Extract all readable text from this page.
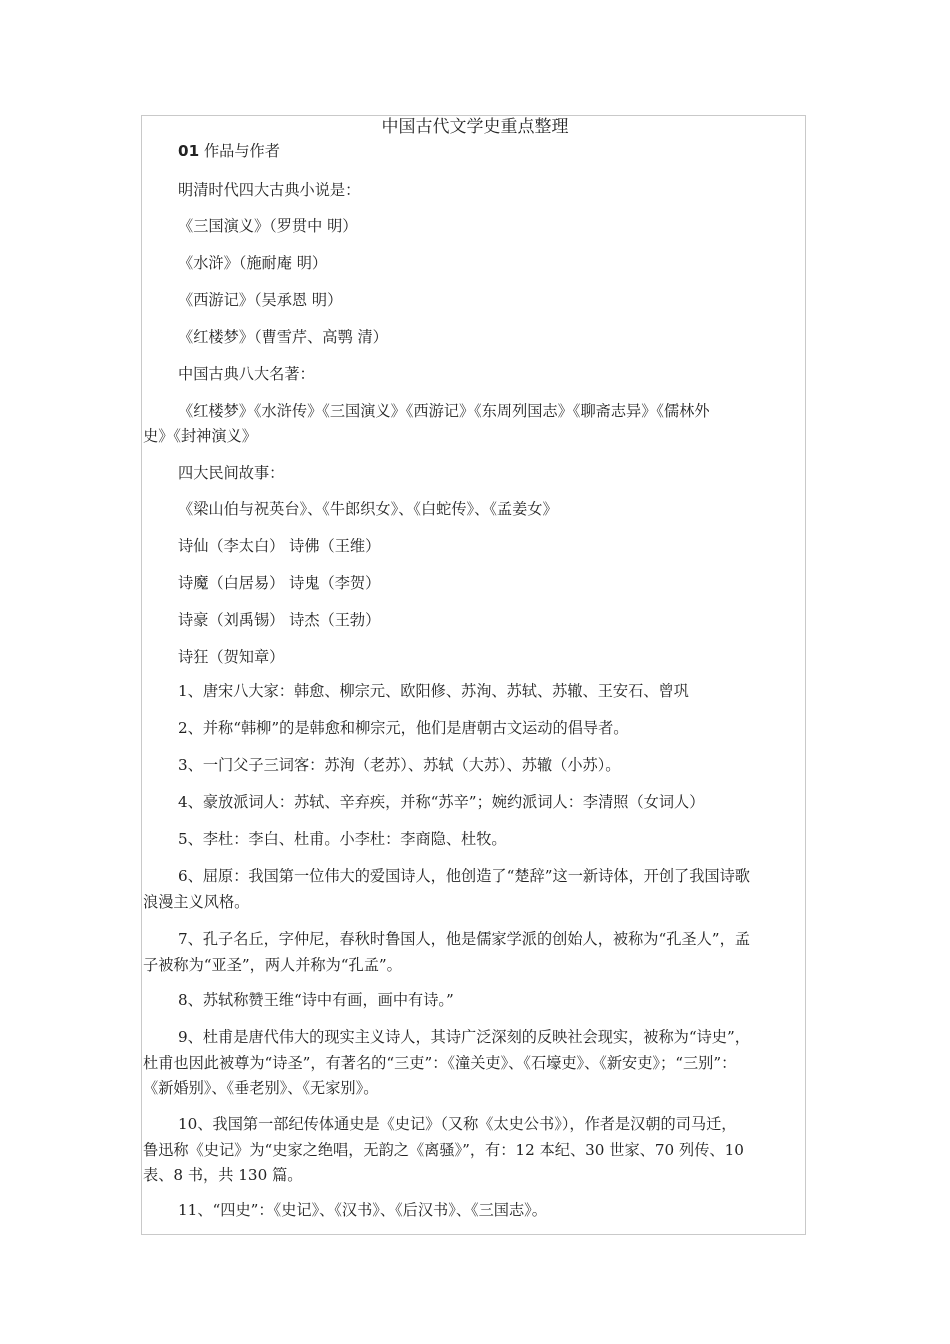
中国古代文学史重点整理
01 作品与作者
明清时代四大古典小说是：
《三国演义》（罗贯中 明）
《水浒》（施耐庵 明）
《西游记》（吴承恩 明）
《红楼梦》（曹雪芹、高鹗 清）
中国古典八大名著：
《红楼梦》《水浒传》《三国演义》《西游记》《东周列国志》《聊斋志异》《儒林外
史》《封神演义》
四大民间故事：
《梁山伯与祝英台》、《牛郎织女》、《白蛇传》、《孟姜女》
诗仙（李太白） 诗佛（王维）
诗魔（白居易） 诗鬼（李贺）
诗豪（刘禹锡） 诗杰（王勃）
诗狂（贺知章）
1、唐宋八大家：韩愈、柳宗元、欧阳修、苏洵、苏轼、苏辙、王安石、曾巩
2、并称“韩柳”的是韩愈和柳宗元，他们是唐朝古文运动的倡导者。
3、一门父子三词客：苏洵（老苏）、苏轼（大苏）、苏辙（小苏）。
4、豪放派词人：苏轼、辛弃疾，并称“苏辛”；婉约派词人：李清照（女词人）
5、李杜：李白、杜甫。小李杜：李商隐、杜牧。
6、屈原：我国第一位伟大的爱国诗人，他创造了“楚辞”这一新诗体，开创了我国诗歌
浪漫主义风格。
7、孔子名丘，字仲尼，春秋时鲁国人，他是儒家学派的创始人，被称为“孔圣人”，孟
子被称为“亚圣”，两人并称为“孔孟”。
8、苏轼称赞王维“诗中有画，画中有诗。”
9、杜甫是唐代伟大的现实主义诗人，其诗广泛深刻的反映社会现实，被称为“诗史”，
杜甫也因此被尊为“诗圣”，有著名的“三吏”：《潼关吏》、《石壕吏》、《新安吏》；“三别”：
《新婚别》、《垂老别》、《无家别》。
10、我国第一部纪传体通史是《史记》（又称《太史公书》），作者是汉朝的司马迁，
鲁迅称《史记》为“史家之绝唱，无韵之《离骚》”，有：12 本纪、30 世家、70 列传、10
表、8 书，共 130 篇。
11、“四史”：《史记》、《汉书》、《后汉书》、《三国志》。
